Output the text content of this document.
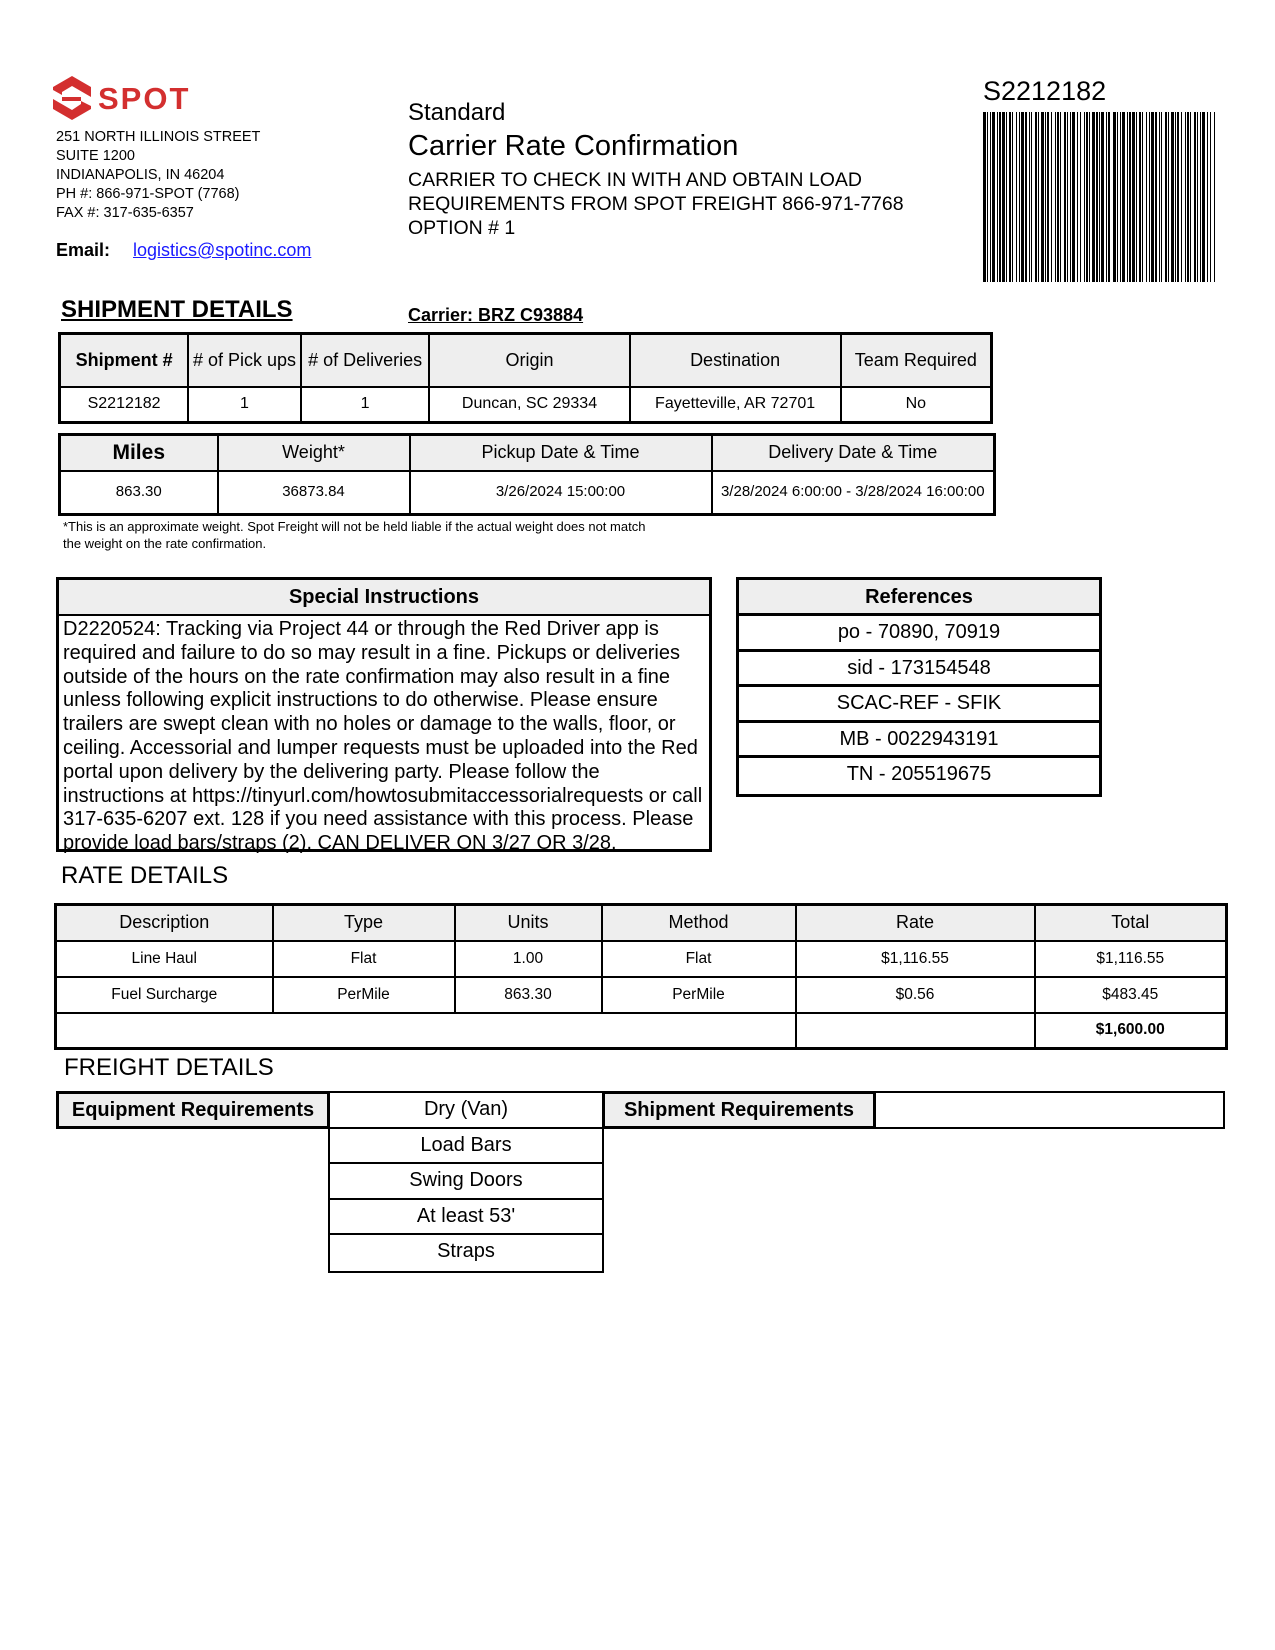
SPOT
251 NORTH ILLINOIS STREET
SUITE 1200
INDIANAPOLIS, IN 46204
PH #: 866-971-SPOT (7768)
FAX #: 317-635-6357
Email: logistics@spotinc.com
Standard
Carrier Rate Confirmation
CARRIER TO CHECK IN WITH AND OBTAIN LOAD
REQUIREMENTS FROM SPOT FREIGHT 866-971-7768
OPTION # 1
S2212182
SHIPMENT DETAILS	Carrier: BRZ C93884
Shipment #	# of Pick ups	# of Deliveries	Origin	Destination	Team Required
S2212182	1	1	Duncan, SC 29334	Fayetteville, AR 72701	No
Miles	Weight*	Pickup Date & Time	Delivery Date & Time
863.30	36873.84	3/26/2024 15:00:00	3/28/2024 6:00:00 - 3/28/2024 16:00:00
*This is an approximate weight. Spot Freight will not be held liable if the actual weight does not match the weight on the rate confirmation.
Special Instructions
D2220524: Tracking via Project 44 or through the Red Driver app is required and failure to do so may result in a fine. Pickups or deliveries outside of the hours on the rate confirmation may also result in a fine unless following explicit instructions to do otherwise. Please ensure trailers are swept clean with no holes or damage to the walls, floor, or ceiling. Accessorial and lumper requests must be uploaded into the Red portal upon delivery by the delivering party. Please follow the instructions at https://tinyurl.com/howtosubmitaccessorialrequests or call 317-635-6207 ext. 128 if you need assistance with this process. Please provide load bars/straps (2). CAN DELIVER ON 3/27 OR 3/28.
References
po - 70890, 70919
sid - 173154548
SCAC-REF - SFIK
MB - 0022943191
TN - 205519675
RATE DETAILS
Description	Type	Units	Method	Rate	Total
Line Haul	Flat	1.00	Flat	$1,116.55	$1,116.55
Fuel Surcharge	PerMile	863.30	PerMile	$0.56	$483.45
					$1,600.00
FREIGHT DETAILS
Equipment Requirements	Dry (Van)
Load Bars
Swing Doors
At least 53'
Straps
Shipment Requirements
